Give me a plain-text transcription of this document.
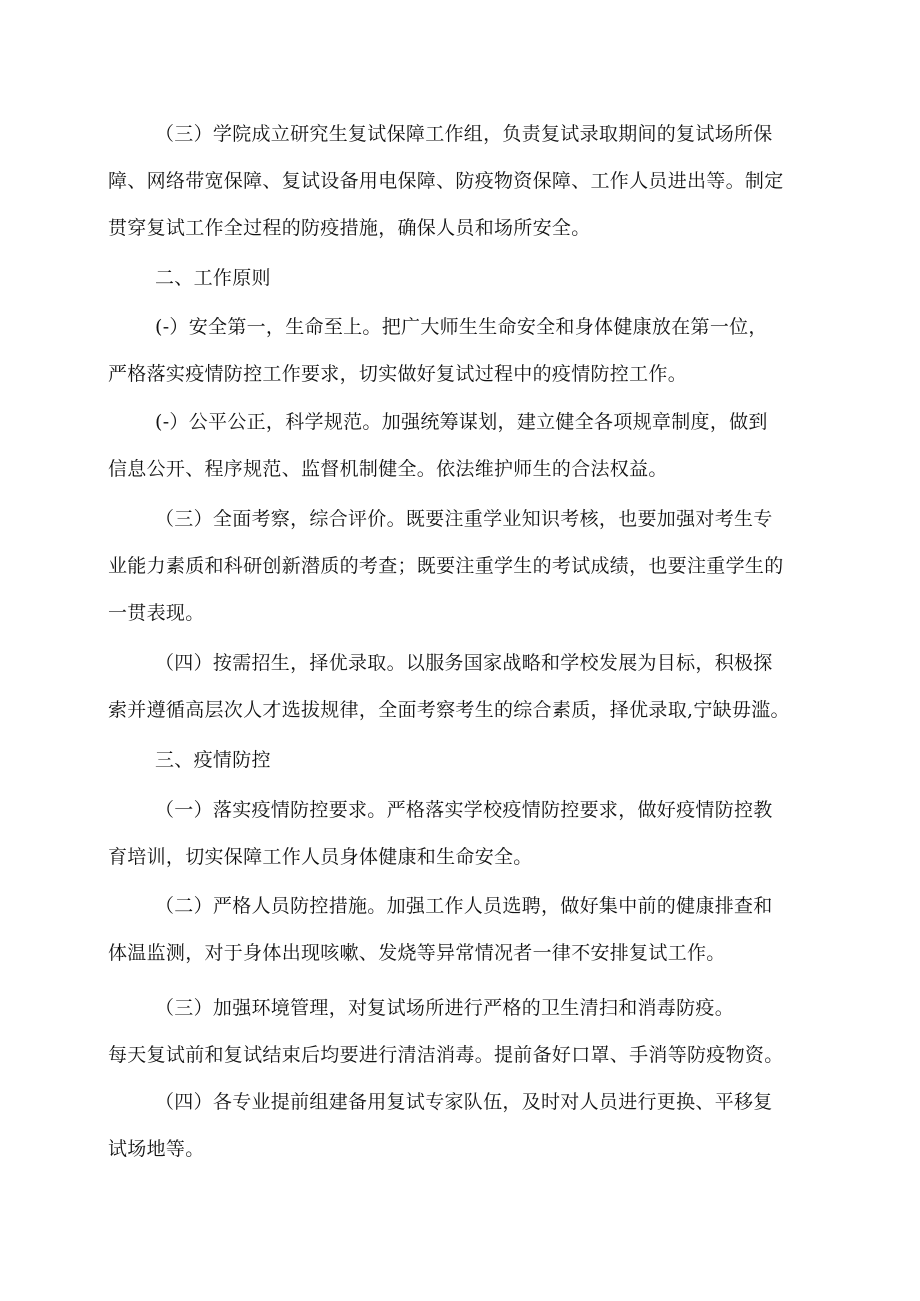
（三）学院成立研究生复试保障工作组，负责复试录取期间的复试场所保
障、网络带宽保障、复试设备用电保障、防疫物资保障、工作人员进出等。制定
贯穿复试工作全过程的防疫措施，确保人员和场所安全。
二、工作原则
(-）安全第一，生命至上。把广大师生生命安全和身体健康放在第一位，
严格落实疫情防控工作要求，切实做好复试过程中的疫情防控工作。
(-）公平公正，科学规范。加强统筹谋划，建立健全各项规章制度，做到
信息公开、程序规范、监督机制健全。依法维护师生的合法权益。
（三）全面考察，综合评价。既要注重学业知识考核，也要加强对考生专
业能力素质和科研创新潜质的考查；既要注重学生的考试成绩，也要注重学生的
一贯表现。
（四）按需招生，择优录取。以服务国家战略和学校发展为目标，积极探
索并遵循高层次人才选拔规律，全面考察考生的综合素质，择优录取,宁缺毋滥。
三、疫情防控
（一）落实疫情防控要求。严格落实学校疫情防控要求，做好疫情防控教
育培训，切实保障工作人员身体健康和生命安全。
（二）严格人员防控措施。加强工作人员选聘，做好集中前的健康排查和
体温监测，对于身体出现咳嗽、发烧等异常情况者一律不安排复试工作。
（三）加强环境管理，对复试场所进行严格的卫生清扫和消毒防疫。
每天复试前和复试结束后均要进行清洁消毒。提前备好口罩、手消等防疫物资。
（四）各专业提前组建备用复试专家队伍，及时对人员进行更换、平移复
试场地等。
